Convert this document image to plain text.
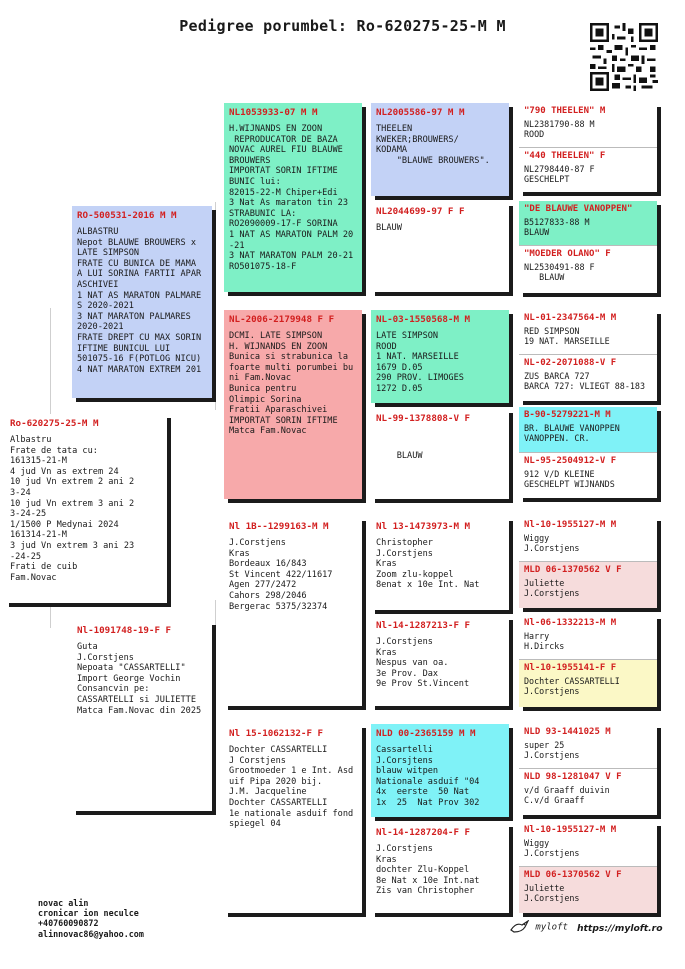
Pedigree porumbel: Ro-620275-25-M M
Ro-620275-25-M M
Albastru
Frate de tata cu:
161315-21-M
4 jud Vn as extrem 24
10 jud Vn extrem 2 ani 2
3-24
10 jud Vn extrem 3 ani 2
3-24-25
1/1500 P Medynai 2024
161314-21-M
3 jud Vn extrem 3 ani 23
-24-25
Frati de cuib
Fam.Novac
RO-500531-2016 M M
ALBASTRU
Nepot BLAUWE BROUWERS x
LATE SIMPSON
FRATE CU BUNICA DE MAMA
A LUI SORINA FARTII APAR
ASCHIVEI
1 NAT AS MARATON PALMARE
S 2020-2021
3 NAT MARATON PALMARES
2020-2021
FRATE DREPT CU MAX SORIN
IFTIME BUNICUL LUI
501075-16 F(POTLOG NICU)
4 NAT MARATON EXTREM 201
Nl-1091748-19-F F
Guta
J.Corstjens
Nepoata "CASSARTELLI"
Import George Vochin
Consancvin pe:
CASSARTELLI si JULIETTE
Matca Fam.Novac din 2025
NL1053933-07 M M
H.WIJNANDS EN ZOON
REPRODUCATOR DE BAZA
NOVAC AUREL FIU BLAUWE
BROUWERS
IMPORTAT SORIN IFTIME
BUNIC lui:
82015-22-M Chiper+Edi
3 Nat As maraton tin 23
STRABUNIC LA:
RO2090009-17-F SORINA
1 NAT AS MARATON PALM 20
-21
3 NAT MARATON PALM 20-21
RO501075-18-F
NL-2006-2179948 F F
DCMI. LATE SIMPSON
H. WIJNANDS EN ZOON
Bunica si strabunica la
foarte multi porumbei bu
ni Fam.Novac
Bunica pentru
Olimpic Sorina
Fratii Aparaschivei
IMPORTAT SORIN IFTIME
Matca Fam.Novac
Nl 1B--1299163-M M
J.Corstjens
Kras
Bordeaux 16/843
St Vincent 422/11617
Agen 277/2472
Cahors 298/2046
Bergerac 5375/32374
Nl 15-1062132-F F
Dochter CASSARTELLI
J Corstjens
Grootmoeder 1 e Int. Asd
uif Pipa 2020 bij.
J.M. Jacqueline
Dochter CASSARTELLI
1e nationale asduif fond
spiegel 04
NL2005586-97 M M
THEELEN
KWEKER;BROUWERS/
KODAMA
"BLAUWE BROUWERS".
NL2044699-97 F F
BLAUW
NL-03-1550568-M M
LATE SIMPSON
ROOD
1 NAT. MARSEILLE
1679 D.05
290 PROV. LIMOGES
1272 D.05
NL-99-1378808-V F

BLAUW
Nl 13-1473973-M M
Christopher
J.Corstjens
Kras
Zoom zlu-koppel
8enat x 10e Int. Nat
Nl-14-1287213-F F
J.Corstjens
Kras
Nespus van oa.
3e Prov. Dax
9e Prov St.Vincent
NLD 00-2365159 M M
Cassartelli
J.Corsjtens
blauw witpen
Nationale asduif "04
4x  eerste  50 Nat
1x  25  Nat Prov 302
Nl-14-1287204-F F
J.Corstjens
Kras
dochter Zlu-Koppel
8e Nat x 10e Int.nat
Zis van Christopher
"790 THEELEN" M
NL2381790-88 M
ROOD
"440 THEELEN" F
NL2798440-87 F
GESCHELPT
"DE BLAUWE VANOPPEN"
B5127833-88 M
BLAUW
"MOEDER OLANO" F
NL2530491-88 F
BLAUW
NL-01-2347564-M M
RED SIMPSON
19 NAT. MARSEILLE
NL-02-2071088-V F
ZUS BARCA 727
BARCA 727: VLIEGT 88-183
B-90-5279221-M M
BR. BLAUWE VANOPPEN
VANOPPEN. CR.
NL-95-2504912-V F
912 V/D KLEINE
GESCHELPT WIJNANDS
Nl-10-1955127-M M
Wiggy
J.Corstjens
MLD 06-1370562 V F
Juliette
J.Corstjens
Nl-06-1332213-M M
Harry
H.Dircks
Nl-10-1955141-F F
Dochter CASSARTELLI
J.Corstjens
NLD 93-1441025 M
super 25
J.Corstjens
NLD 98-1281047 V F
v/d Graaff duivin
C.v/d Graaff
Nl-10-1955127-M M
Wiggy
J.Corstjens
MLD 06-1370562 V F
Juliette
J.Corstjens
novac alin
cronicar ion neculce
+40760090872
alinnovac86@yahoo.com
myloft https://myloft.ro
